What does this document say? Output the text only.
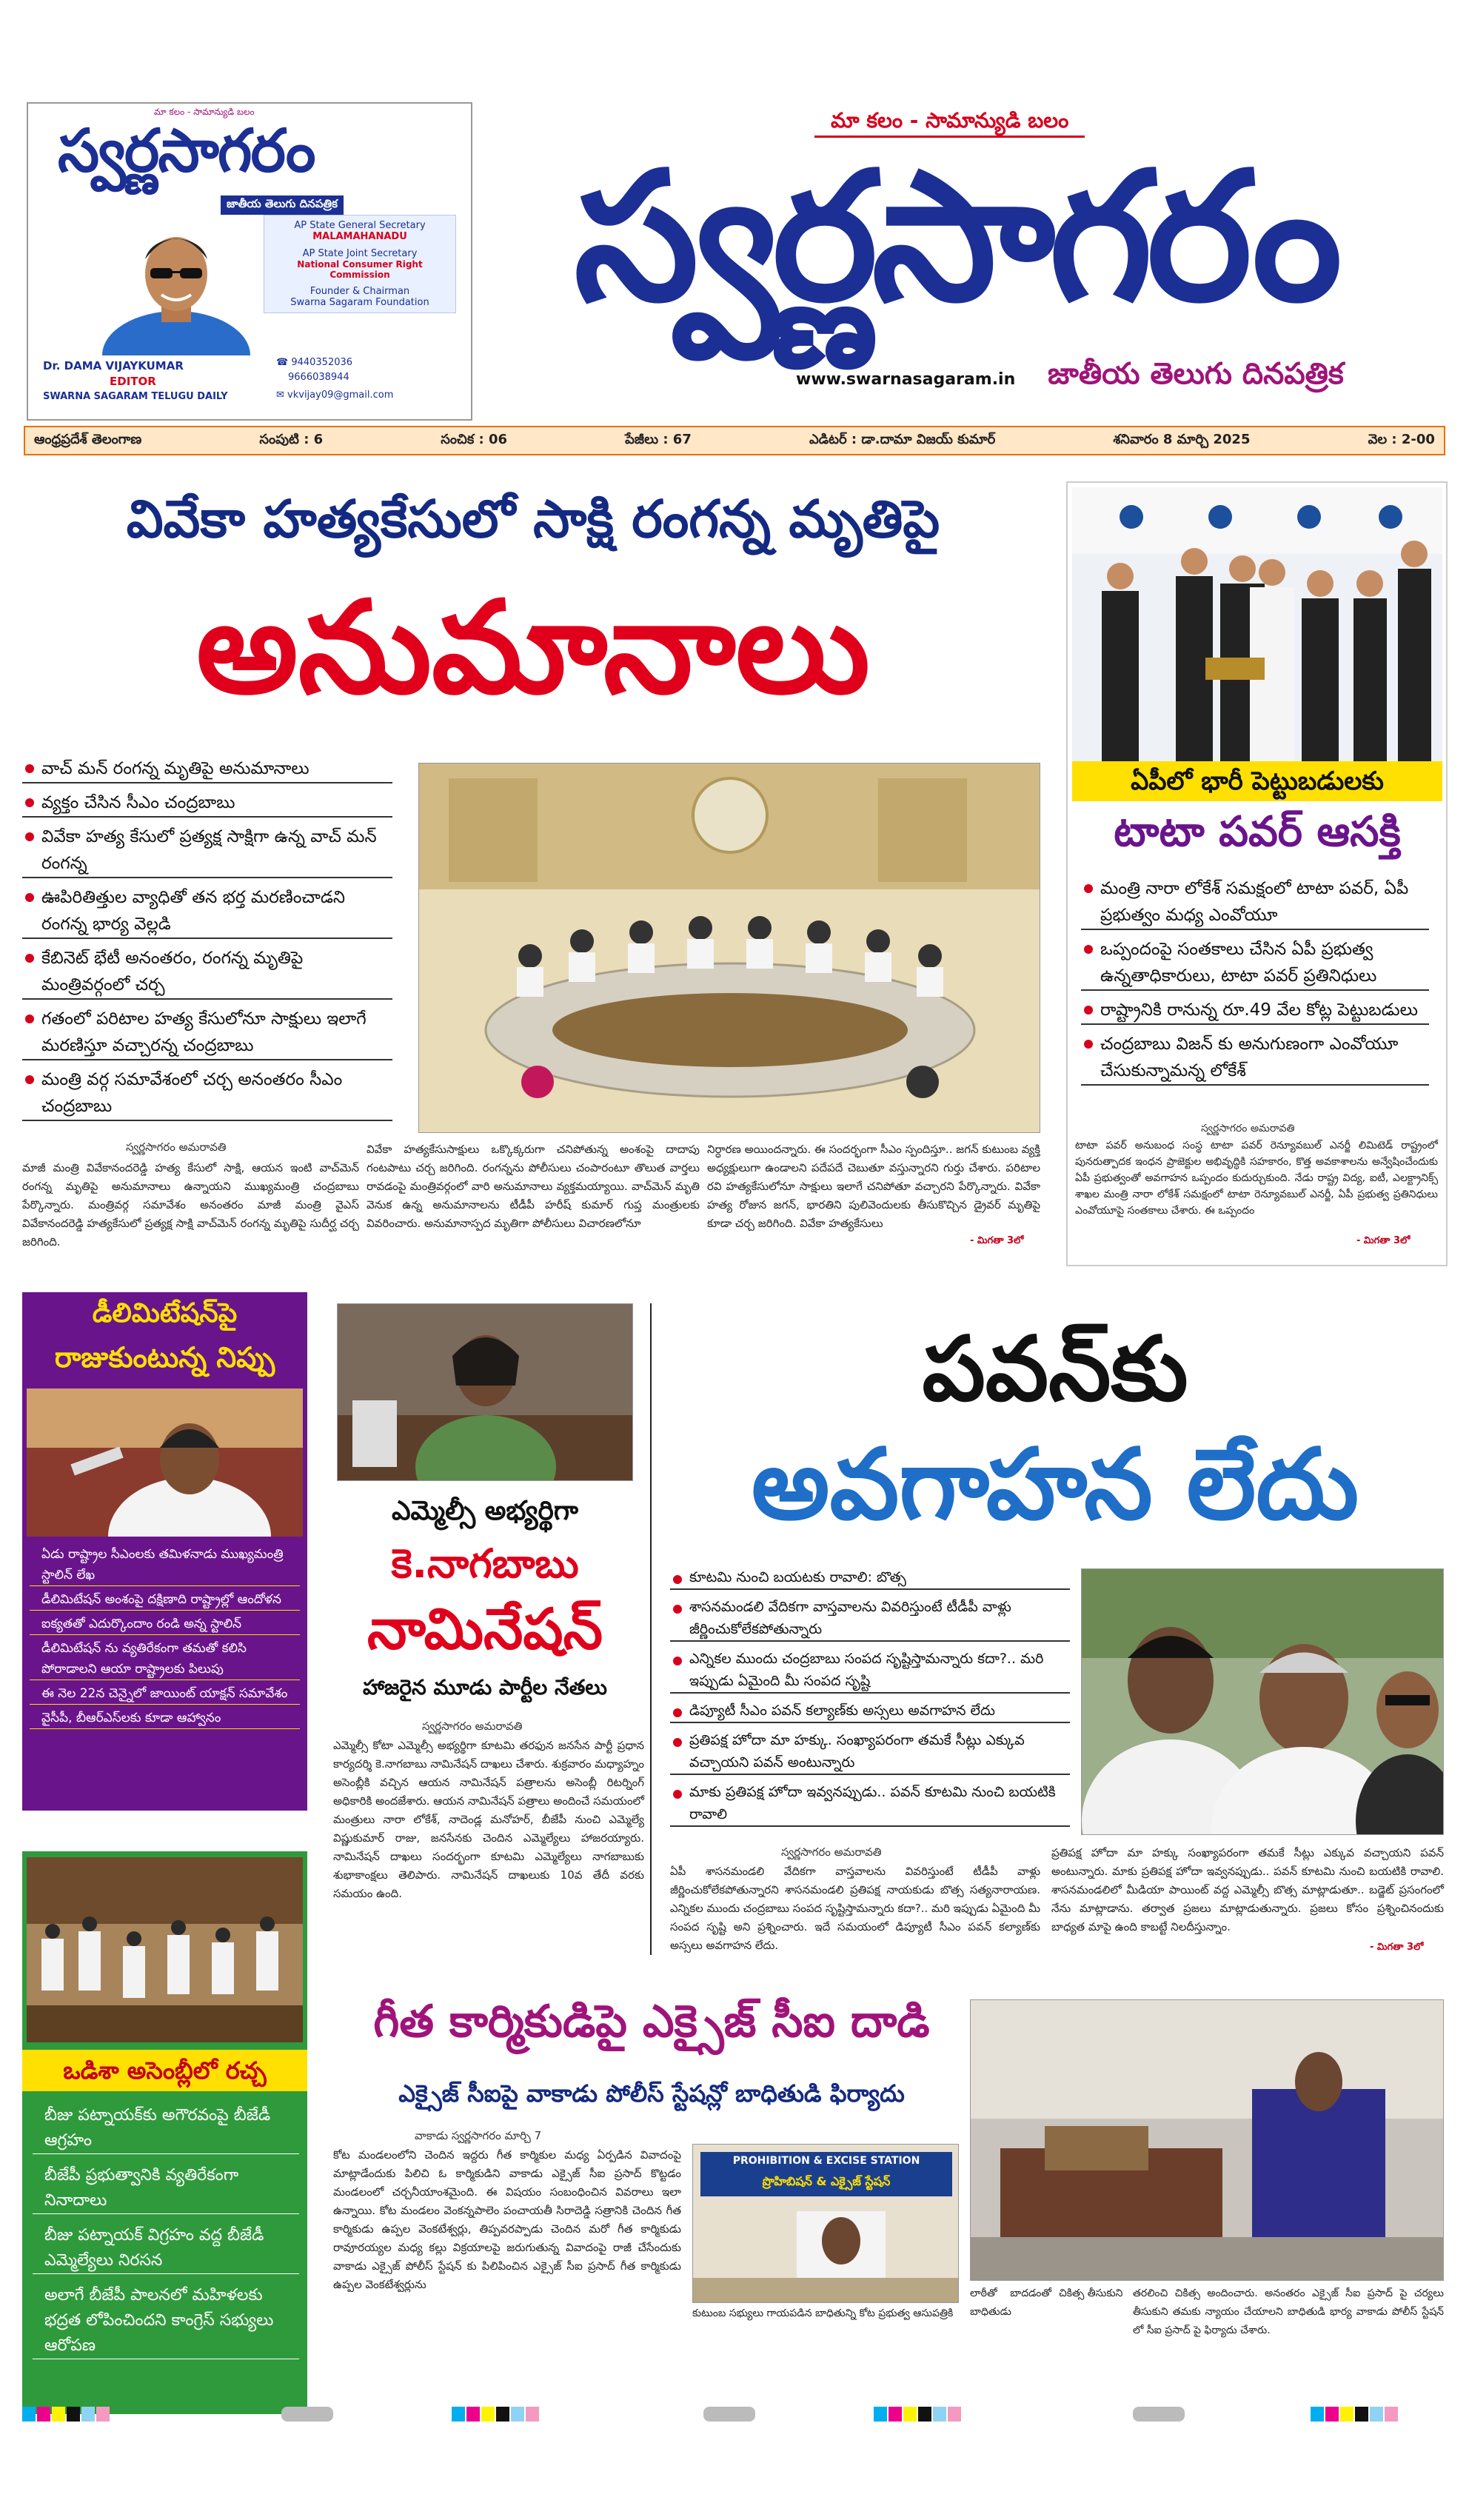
మా కలం - సామాన్యుడి బలం
స్వర్ణసాగరం
జాతీయ తెలుగు దినపత్రిక
Dr. DAMA VIJAYKUMAR
EDITOR
SWARNA SAGARAM TELUGU DAILY
AP State General Secretary
MALAMAHANADU
AP State Joint Secretary
National Consumer Right Commission
Founder & Chairman
Swarna Sagaram Foundation
☎ 9440352036
9666038944
✉ vkvijay09@gmail.com
మా కలం - సామాన్యుడి బలం
స్వర్ణసాగరం
www.swarnasagaram.in జాతీయ తెలుగు దినపత్రిక
ఆంధ్రప్రదేశ్ తెలంగాణ	సంపుటి : 6	సంచిక : 06	పేజీలు : 67	ఎడిటర్ : డా.దామా విజయ్ కుమార్	శనివారం 8 మార్చి 2025	వెల : 2-00
వివేకా హత్యకేసులో సాక్షి రంగన్న మృతిపై
అనుమానాలు
వాచ్ మన్ రంగన్న మృతిపై అనుమానాలు
వ్యక్తం చేసిన సీఎం చంద్రబాబు
వివేకా హత్య కేసులో ప్రత్యక్ష సాక్షిగా ఉన్న వాచ్ మన్ రంగన్న
ఊపిరితిత్తుల వ్యాధితో తన భర్త మరణించాడని రంగన్న భార్య వెల్లడి
కేబినెట్ భేటీ అనంతరం, రంగన్న మృతిపై మంత్రివర్గంలో చర్చ
గతంలో పరిటాల హత్య కేసులోనూ సాక్షులు ఇలాగే మరణిస్తూ వచ్చారన్న చంద్రబాబు
మంత్రి వర్గ సమావేశంలో చర్చ అనంతరం సీఎం చంద్రబాబు
స్వర్ణసాగరం అమరావతి

మాజీ మంత్రి వివేకానందరెడ్డి హత్య కేసులో సాక్షి, ఆయన ఇంటి వాచ్‌మెన్ రంగన్న మృతిపై అనుమానాలు ఉన్నాయని ముఖ్యమంత్రి చంద్రబాబు పేర్కొన్నారు. మంత్రివర్గ సమావేశం అనంతరం మాజీ మంత్రి వైఎస్ వివేకానందరెడ్డి హత్యకేసులో ప్రత్యక్ష సాక్షి వాచ్‌మెన్ రంగన్న మృతిపై సుదీర్ఘ చర్చ జరిగింది.

వివేకా హత్యకేసుసాక్షులు ఒక్కొక్కరుగా చనిపోతున్న అంశంపై దాదాపు గంటపాటు చర్చ జరిగింది. రంగన్నను పోలీసులు చంపారంటూ తొలుత వార్తలు రావడంపై మంత్రివర్గంలో వారి అనుమానాలు వ్యక్తమయ్యాయి. వాచ్‌మెన్ మృతి వెనుక ఉన్న అనుమానాలను టీడీపీ హరీష్ కుమార్ గుప్త మంత్రులకు వివరించారు. అనుమానాస్పద మృతిగా పోలీసులు విచారణలోనూ

నిర్ధారణ అయిందన్నారు. ఈ సందర్భంగా సీఎం స్పందిస్తూ.. జగన్ కుటుంబ వ్యక్తి అధ్యక్షులుగా ఉండాలని పదేపదే చెబుతూ వస్తున్నారని గుర్తు చేశారు. పరిటాల రవి హత్యకేసులోనూ సాక్షులు ఇలాగే చనిపోతూ వచ్చారని పేర్కొన్నారు. వివేకా హత్య రోజున జగన్, భారతిని పులివెందులకు తీసుకొచ్చిన డ్రైవర్ మృతిపై కూడా చర్చ జరిగింది. వివేకా హత్యకేసులు

- మిగతా 3లో
ఏపీలో భారీ పెట్టుబడులకు
టాటా పవర్ ఆసక్తి
మంత్రి నారా లోకేశ్ సమక్షంలో టాటా పవర్, ఏపీ ప్రభుత్వం మధ్య ఎంవోయూ
ఒప్పందంపై సంతకాలు చేసిన ఏపీ ప్రభుత్వ ఉన్నతాధికారులు, టాటా పవర్ ప్రతినిధులు
రాష్ట్రానికి రానున్న రూ.49 వేల కోట్ల పెట్టుబడులు
చంద్రబాబు విజన్ కు అనుగుణంగా ఎంవోయూ చేసుకున్నామన్న లోకేశ్
స్వర్ణసాగరం అమరావతి

టాటా పవర్ అనుబంధ సంస్థ టాటా పవర్ రెన్యూవబుల్ ఎనర్జీ లిమిటెడ్ రాష్ట్రంలో పునరుత్పాదక ఇంధన ప్రాజెక్టుల అభివృద్ధికి సహకారం, కొత్త అవకాశాలను అన్వేషించేందుకు ఏపీ ప్రభుత్వంతో అవగాహన ఒప్పందం కుదుర్చుకుంది. నేడు రాష్ట్ర విద్య, ఐటీ, ఎలక్ట్రానిక్స్ శాఖల మంత్రి నారా లోకేశ్ సమక్షంలో టాటా రెన్యూవబుల్ ఎనర్జీ, ఏపీ ప్రభుత్వ ప్రతినిధులు ఎంవోయూపై సంతకాలు చేశారు. ఈ ఒప్పందం

- మిగతా 3లో
డీలిమిటేషన్‌పై
రాజుకుంటున్న నిప్పు
ఏడు రాష్ట్రాల సీఎంలకు తమిళనాడు ముఖ్యమంత్రి స్టాలిన్ లేఖ
డీలిమిటేషన్ అంశంపై దక్షిణాది రాష్ట్రాల్లో ఆందోళన
ఐక్యతతో ఎదుర్కొందాం రండి అన్న స్టాలిన్
డీలిమిటేషన్ ను వ్యతిరేకంగా తమతో కలిసి పోరాడాలని ఆయా రాష్ట్రాలకు పిలుపు
ఈ నెల 22న చెన్నైలో జాయింట్ యాక్షన్ సమావేశం
వైసీపీ, బీఆర్ఎస్‌లకు కూడా ఆహ్వానం
ఒడిశా అసెంబ్లీలో రచ్చ
బీజు పట్నాయక్‌కు అగౌరవంపై బీజేడీ ఆగ్రహం
బీజేపీ ప్రభుత్వానికి వ్యతిరేకంగా నినాదాలు
బీజు పట్నాయక్ విగ్రహం వద్ద బీజేడీ ఎమ్మెల్యేలు నిరసన
అలాగే బీజేపీ పాలనలో మహిళలకు భద్రత లోపించిందని కాంగ్రెస్ సభ్యులు ఆరోపణ
ఎమ్మెల్సీ అభ్యర్థిగా
కె.నాగబాబు
నామినేషన్
హాజరైన మూడు పార్టీల నేతలు
స్వర్ణసాగరం అమరావతి

ఎమ్మెల్సీ కోటా ఎమ్మెల్సీ అభ్యర్థిగా కూటమి తరఫున జనసేన పార్టీ ప్రధాన కార్యదర్శి కె.నాగబాబు నామినేషన్ దాఖలు చేశారు. శుక్రవారం మధ్యాహ్నం అసెంబ్లీకి వచ్చిన ఆయన నామినేషన్ పత్రాలను అసెంబ్లీ రిటర్నింగ్ అధికారికి అందజేశారు. ఆయన నామినేషన్ పత్రాలు అందించే సమయంలో మంత్రులు నారా లోకేశ్, నాదెండ్ల మనోహర్, బీజేపీ నుంచి ఎమ్మెల్యే విష్ణుకుమార్ రాజు, జనసేనకు చెందిన ఎమ్మెల్యేలు హాజరయ్యారు. నామినేషన్ దాఖలు సందర్భంగా కూటమి ఎమ్మెల్యేలు నాగబాబుకు శుభాకాంక్షలు తెలిపారు. నామినేషన్ దాఖలుకు 10వ తేదీ వరకు సమయం ఉంది.

పవన్‌కు
అవగాహన లేదు
కూటమి నుంచి బయటకు రావాలి: బొత్స
శాసనమండలి వేదికగా వాస్తవాలను వివరిస్తుంటే టీడీపీ వాళ్లు జీర్ణించుకోలేకపోతున్నారు
ఎన్నికల ముందు చంద్రబాబు సంపద సృష్టిస్తామన్నారు కదా?.. మరి ఇప్పుడు ఏమైంది మీ సంపద సృష్టి
డిప్యూటీ సీఎం పవన్ కల్యాణ్‌కు అస్సలు అవగాహన లేదు
ప్రతిపక్ష హోదా మా హక్కు. సంఖ్యాపరంగా తమకే సీట్లు ఎక్కువ వచ్చాయని పవన్ అంటున్నారు
మాకు ప్రతిపక్ష హోదా ఇవ్వనప్పుడు.. పవన్ కూటమి నుంచి బయటికి రావాలి
స్వర్ణసాగరం అమరావతి

ఏపీ శాసనమండలి వేదికగా వాస్తవాలను వివరిస్తుంటే టీడీపీ వాళ్లు జీర్ణించుకోలేకపోతున్నారని శాసనమండలి ప్రతిపక్ష నాయకుడు బొత్స సత్యనారాయణ. ఎన్నికల ముందు చంద్రబాబు సంపద సృష్టిస్తామన్నారు కదా?.. మరి ఇప్పుడు ఏమైంది మీ సంపద సృష్టి అని ప్రశ్నించారు. ఇదే సమయంలో డిప్యూటీ సీఎం పవన్ కల్యాణ్‌కు అస్సలు అవగాహన లేదు.

ప్రతిపక్ష హోదా మా హక్కు సంఖ్యాపరంగా తమకే సీట్లు ఎక్కువ వచ్చాయని పవన్ అంటున్నారు. మాకు ప్రతిపక్ష హోదా ఇవ్వనప్పుడు.. పవన్ కూటమి నుంచి బయటికి రావాలి. శాసనమండలిలో మీడియా పాయింట్ వద్ద ఎమ్మెల్సీ బొత్స మాట్లాడుతూ.. బడ్జెట్ ప్రసంగంలో నేను మాట్లాడాను. తర్వాత ప్రజలు మాట్లాడుతున్నారు. ప్రజలు కోసం ప్రశ్నించినందుకు బాధ్యత మాపై ఉంది కాబట్టే నిలదీస్తున్నాం.

- మిగతా 3లో
గీత కార్మికుడిపై ఎక్సైజ్ సీఐ దాడి
ఎక్సైజ్ సీఐపై వాకాడు పోలీస్ స్టేషన్లో బాధితుడి ఫిర్యాదు
వాకాడు స్వర్ణసాగరం మార్చి 7

కోట మండలంలోని చెందిన ఇద్దరు గీత కార్మికుల మధ్య ఏర్పడిన వివాదంపై మాట్లాడేందుకు పిలిచి ఓ కార్మికుడిని వాకాడు ఎక్సైజ్ సీఐ ప్రసాద్ కొట్టడం మండలంలో చర్చనీయాంశమైంది. ఈ విషయం సంబంధించిన వివరాలు ఇలా ఉన్నాయి. కోట మండలం వెంకన్నపాలెం పంచాయతీ సిరాదెడ్డి సత్రానికి చెందిన గీత కార్మికుడు ఉప్పల వెంకటేశ్వర్లు, తిప్పవరప్పాడు చెందిన మరో గీత కార్మికుడు రావూరయ్యల మధ్య కల్లు విక్రయాలపై జరుగుతున్న వివాదంపై రాజీ చేసేందుకు వాకాడు ఎక్సైజ్ పోలీస్ స్టేషన్ కు పిలిపించిన ఎక్సైజ్ సీఐ ప్రసాద్ గీత కార్మికుడు ఉప్పల వెంకటేశ్వర్లును

PROHIBITION & EXCISE STATION
ప్రొహిబిషన్ & ఎక్సైజ్ స్టేషన్

కుటుంబ సభ్యులు గాయపడిన బాధితున్ని కోట ప్రభుత్వ ఆసుపత్రికి

లాఠీతో బాదడంతో బాధితుడు

చికిత్స తీసుకుని తరలించి చికిత్స అందించారు. అనంతరం ఎక్సైజ్ సీఐ ప్రసాద్ పై చర్యలు తీసుకుని తమకు న్యాయం చేయాలని బాధితుడి భార్య వాకాడు పోలీస్ స్టేషన్ లో సీఐ ప్రసాద్ పై ఫిర్యాదు చేశారు.
